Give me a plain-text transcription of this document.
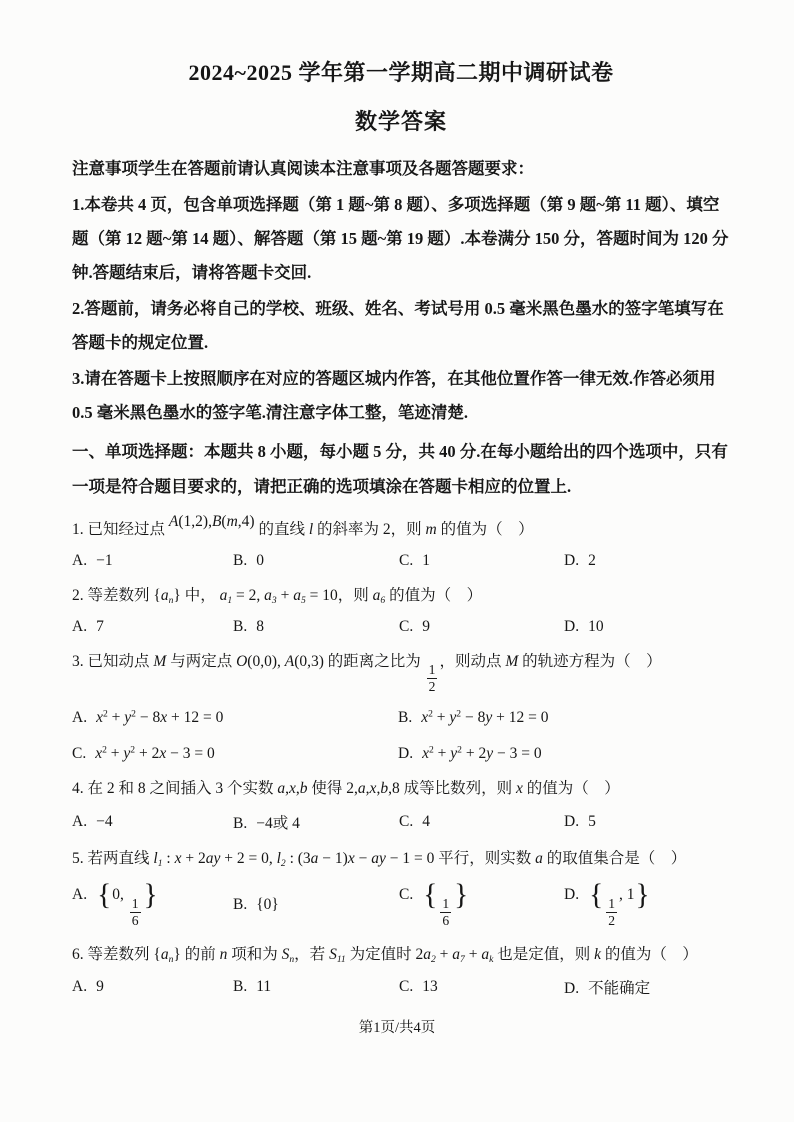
2024~2025 学年第一学期高二期中调研试卷
数学答案

注意事项学生在答题前请认真阅读本注意事项及各题答题要求：

1.本卷共 4 页，包含单项选择题（第 1 题~第 8 题）、多项选择题（第 9 题~第 11 题）、填空题（第 12 题~第 14 题）、解答题（第 15 题~第 19 题）.本卷满分 150 分，答题时间为 120 分钟.答题结束后，请将答题卡交回.

2.答题前，请务必将自己的学校、班级、姓名、考试号用 0.5 毫米黑色墨水的签字笔填写在答题卡的规定位置.

3.请在答题卡上按照顺序在对应的答题区城内作答，在其他位置作答一律无效.作答必须用 0.5 毫米黑色墨水的签字笔.清注意字体工整，笔迹清楚.

一、单项选择题：本题共 8 小题，每小题 5 分，共 40 分.在每小题给出的四个选项中，只有一项是符合题目要求的，请把正确的选项填涂在答题卡相应的位置上.

1. 已知经过点 A(1,2),B(m,4) 的直线 l 的斜率为 2，则 m 的值为（　）
A. −1	B. 0	C. 1	D. 2
2. 等差数列 {an} 中， a1 = 2, a3 + a5 = 10，则 a6 的值为（　）
A. 7	B. 8	C. 9	D. 10
3. 已知动点 M 与两定点 O(0,0), A(0,3) 的距离之比为
$\frac{1}{2}$
，则动点 M 的轨迹方程为（　）
A. $x^2 + y^2 - 8x + 12 = 0$	B. $x^2 + y^2 - 8y + 12 = 0$
C. $x^2 + y^2 + 2x - 3 = 0$	D. $x^2 + y^2 + 2y - 3 = 0$
4. 在 2 和 8 之间插入 3 个实数 a,x,b 使得 2,a,x,b,8 成等比数列，则 x 的值为（　）
A. −4	B. −4或 4	C. 4	D. 5
5. 若两直线 l1 : x + 2ay + 2 = 0, l2 : (3a − 1)x − ay − 1 = 0 平行，则实数 a 的取值集合是（　）
A. {0,
$\frac{1}{6}$
}	B. {0}
C. {
$\frac{1}{6}$
}	D. {
$\frac{1}{2}$
, 1}
6. 等差数列 {an} 的前 n 项和为 Sn，若 S11 为定值时 2a2 + a7 + ak 也是定值，则 k 的值为（　）
A. 9	B. 11	C. 13	D. 不能确定
第1页/共4页
